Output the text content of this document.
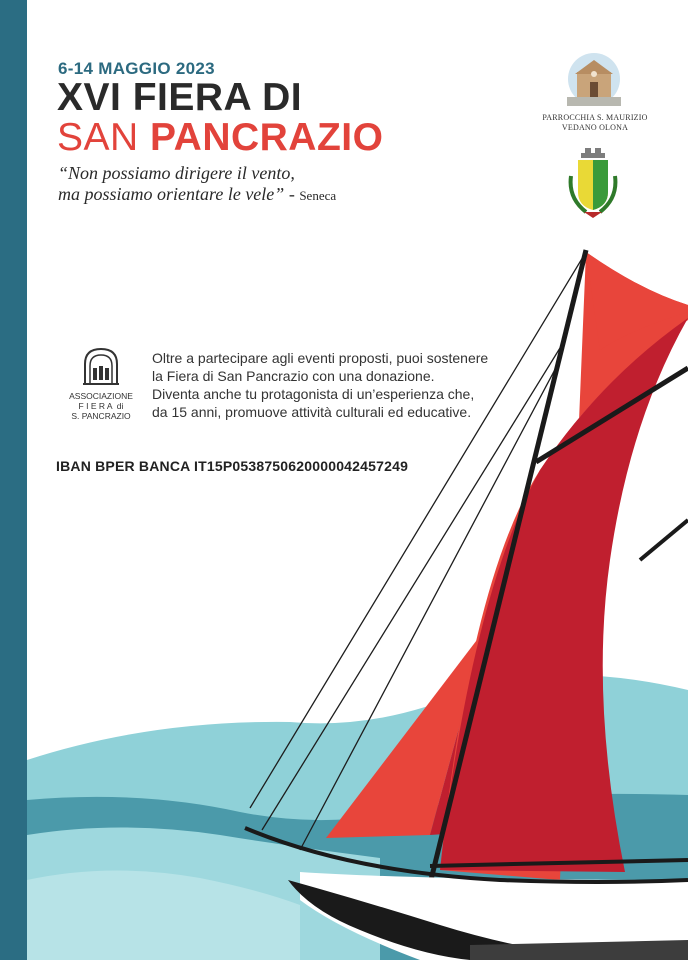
6-14 MAGGIO 2023
XVI FIERA DI
SAN PANCRAZIO
“Non possiamo dirigere il vento,
ma possiamo orientare le vele” - Seneca
PARROCCHIA S. MAURIZIO
VEDANO OLONA
ASSOCIAZIONE
F I E R A  di
S. PANCRAZIO
Oltre a partecipare agli eventi proposti, puoi sostenere
la Fiera di San Pancrazio con una donazione.
Diventa anche tu protagonista di un’esperienza che,
da 15 anni, promuove attività culturali ed educative.
IBAN BPER BANCA IT15P0538750620000042457249
